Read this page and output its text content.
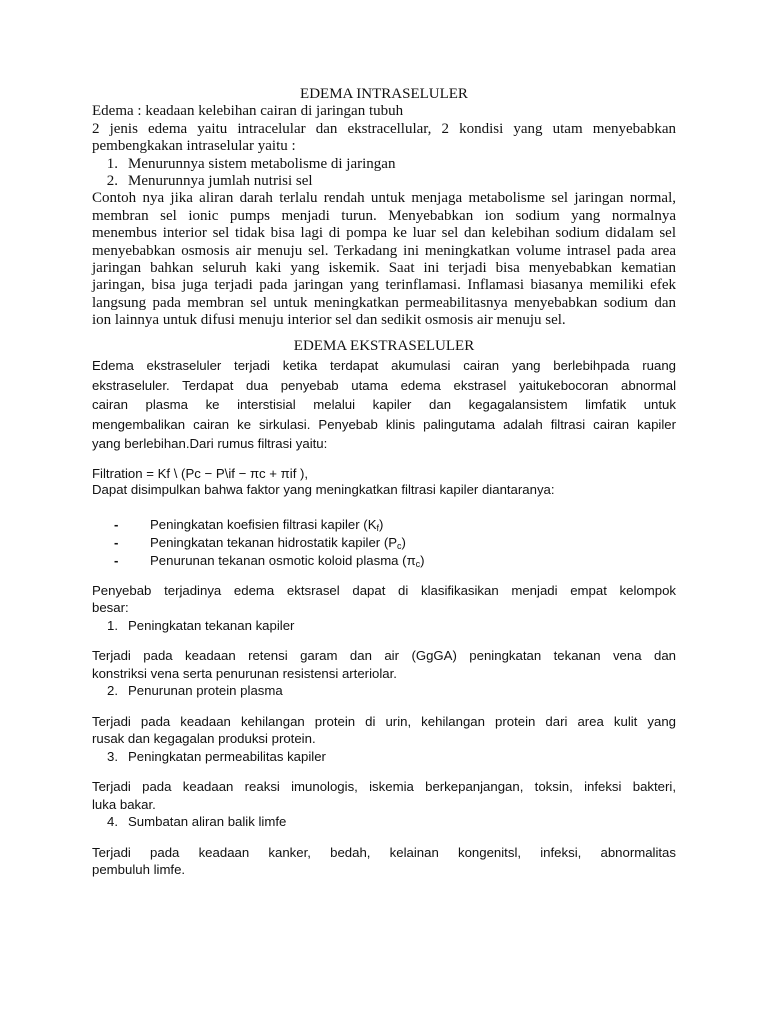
EDEMA INTRASELULER
Edema : keadaan kelebihan cairan di jaringan tubuh
2 jenis edema yaitu intracelular dan ekstracellular, 2 kondisi yang utam menyebabkan
pembengkakan intraselular yaitu :
1. Menurunnya sistem metabolisme di jaringan
2. Menurunnya jumlah nutrisi sel
Contoh nya jika aliran darah terlalu rendah untuk menjaga metabolisme sel jaringan normal,
membran sel ionic pumps menjadi turun. Menyebabkan ion sodium yang normalnya
menembus interior sel tidak bisa lagi di pompa ke luar sel dan kelebihan sodium didalam sel
menyebabkan osmosis air menuju sel. Terkadang ini meningkatkan volume intrasel pada area
jaringan bahkan seluruh kaki yang iskemik. Saat ini terjadi bisa menyebabkan kematian
jaringan, bisa juga terjadi pada jaringan yang terinflamasi. Inflamasi biasanya memiliki efek
langsung pada membran sel untuk meningkatkan permeabilitasnya menyebabkan sodium dan
ion lainnya untuk difusi menuju interior sel dan sedikit osmosis air menuju sel.
EDEMA EKSTRASELULER
Edema ekstraseluler terjadi ketika terdapat akumulasi cairan yang berlebihpada ruang
ekstraseluler. Terdapat dua penyebab utama edema ekstrasel yaitukebocoran abnormal
cairan plasma ke interstisial melalui kapiler dan kegagalansistem limfatik untuk
mengembalikan cairan ke sirkulasi. Penyebab klinis palingutama adalah filtrasi cairan kapiler
yang berlebihan.Dari rumus filtrasi yaitu:
Filtration = Kf \ (Pc − P\if − πc + πif ),
Dapat disimpulkan bahwa faktor yang meningkatkan filtrasi kapiler diantaranya:
-	Peningkatan koefisien filtrasi kapiler $(K_f)$
-	Peningkatan tekanan hidrostatik kapiler $(P_c)$
-	Penurunan tekanan osmotic koloid plasma $(\pi_c)$
Penyebab terjadinya edema ektsrasel dapat di klasifikasikan menjadi empat kelompok
besar:
1. Peningkatan tekanan kapiler
Terjadi pada keadaan retensi garam dan air (GgGA) peningkatan tekanan vena dan
konstriksi vena serta penurunan resistensi arteriolar.
2. Penurunan protein plasma
Terjadi pada keadaan kehilangan protein di urin, kehilangan protein dari area kulit yang
rusak dan kegagalan produksi protein.
3. Peningkatan permeabilitas kapiler
Terjadi pada keadaan reaksi imunologis, iskemia berkepanjangan, toksin, infeksi bakteri,
luka bakar.
4. Sumbatan aliran balik limfe
Terjadi pada keadaan kanker, bedah, kelainan kongenitsl, infeksi, abnormalitas
pembuluh limfe.
